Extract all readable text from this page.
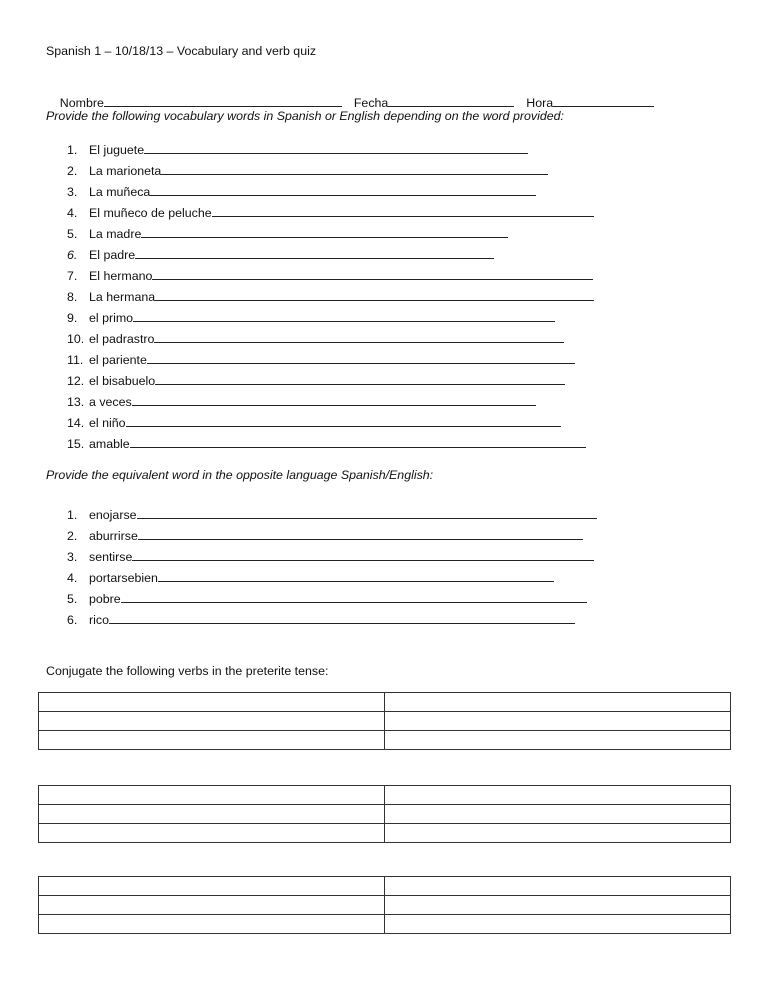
Spanish 1 – 10/18/13 – Vocabulary and verb quiz

Nombre	Fecha	Hora

Provide the following vocabulary words in Spanish or English depending on the word provided:
1. El juguete
2. La marioneta
3. La muñeca
4. El muñeco de peluche
5. La madre
6. El padre
7. El hermano
8. La hermana
9. el primo
10. el padrastro
11. el pariente
12. el bisabuelo
13. a veces
14. el niño
15. amable
Provide the equivalent word in the opposite language Spanish/English:
1. enojarse
2. aburrirse
3. sentirse
4. portarsebien
5. pobre
6. rico
Conjugate the following verbs in the preterite tense:
